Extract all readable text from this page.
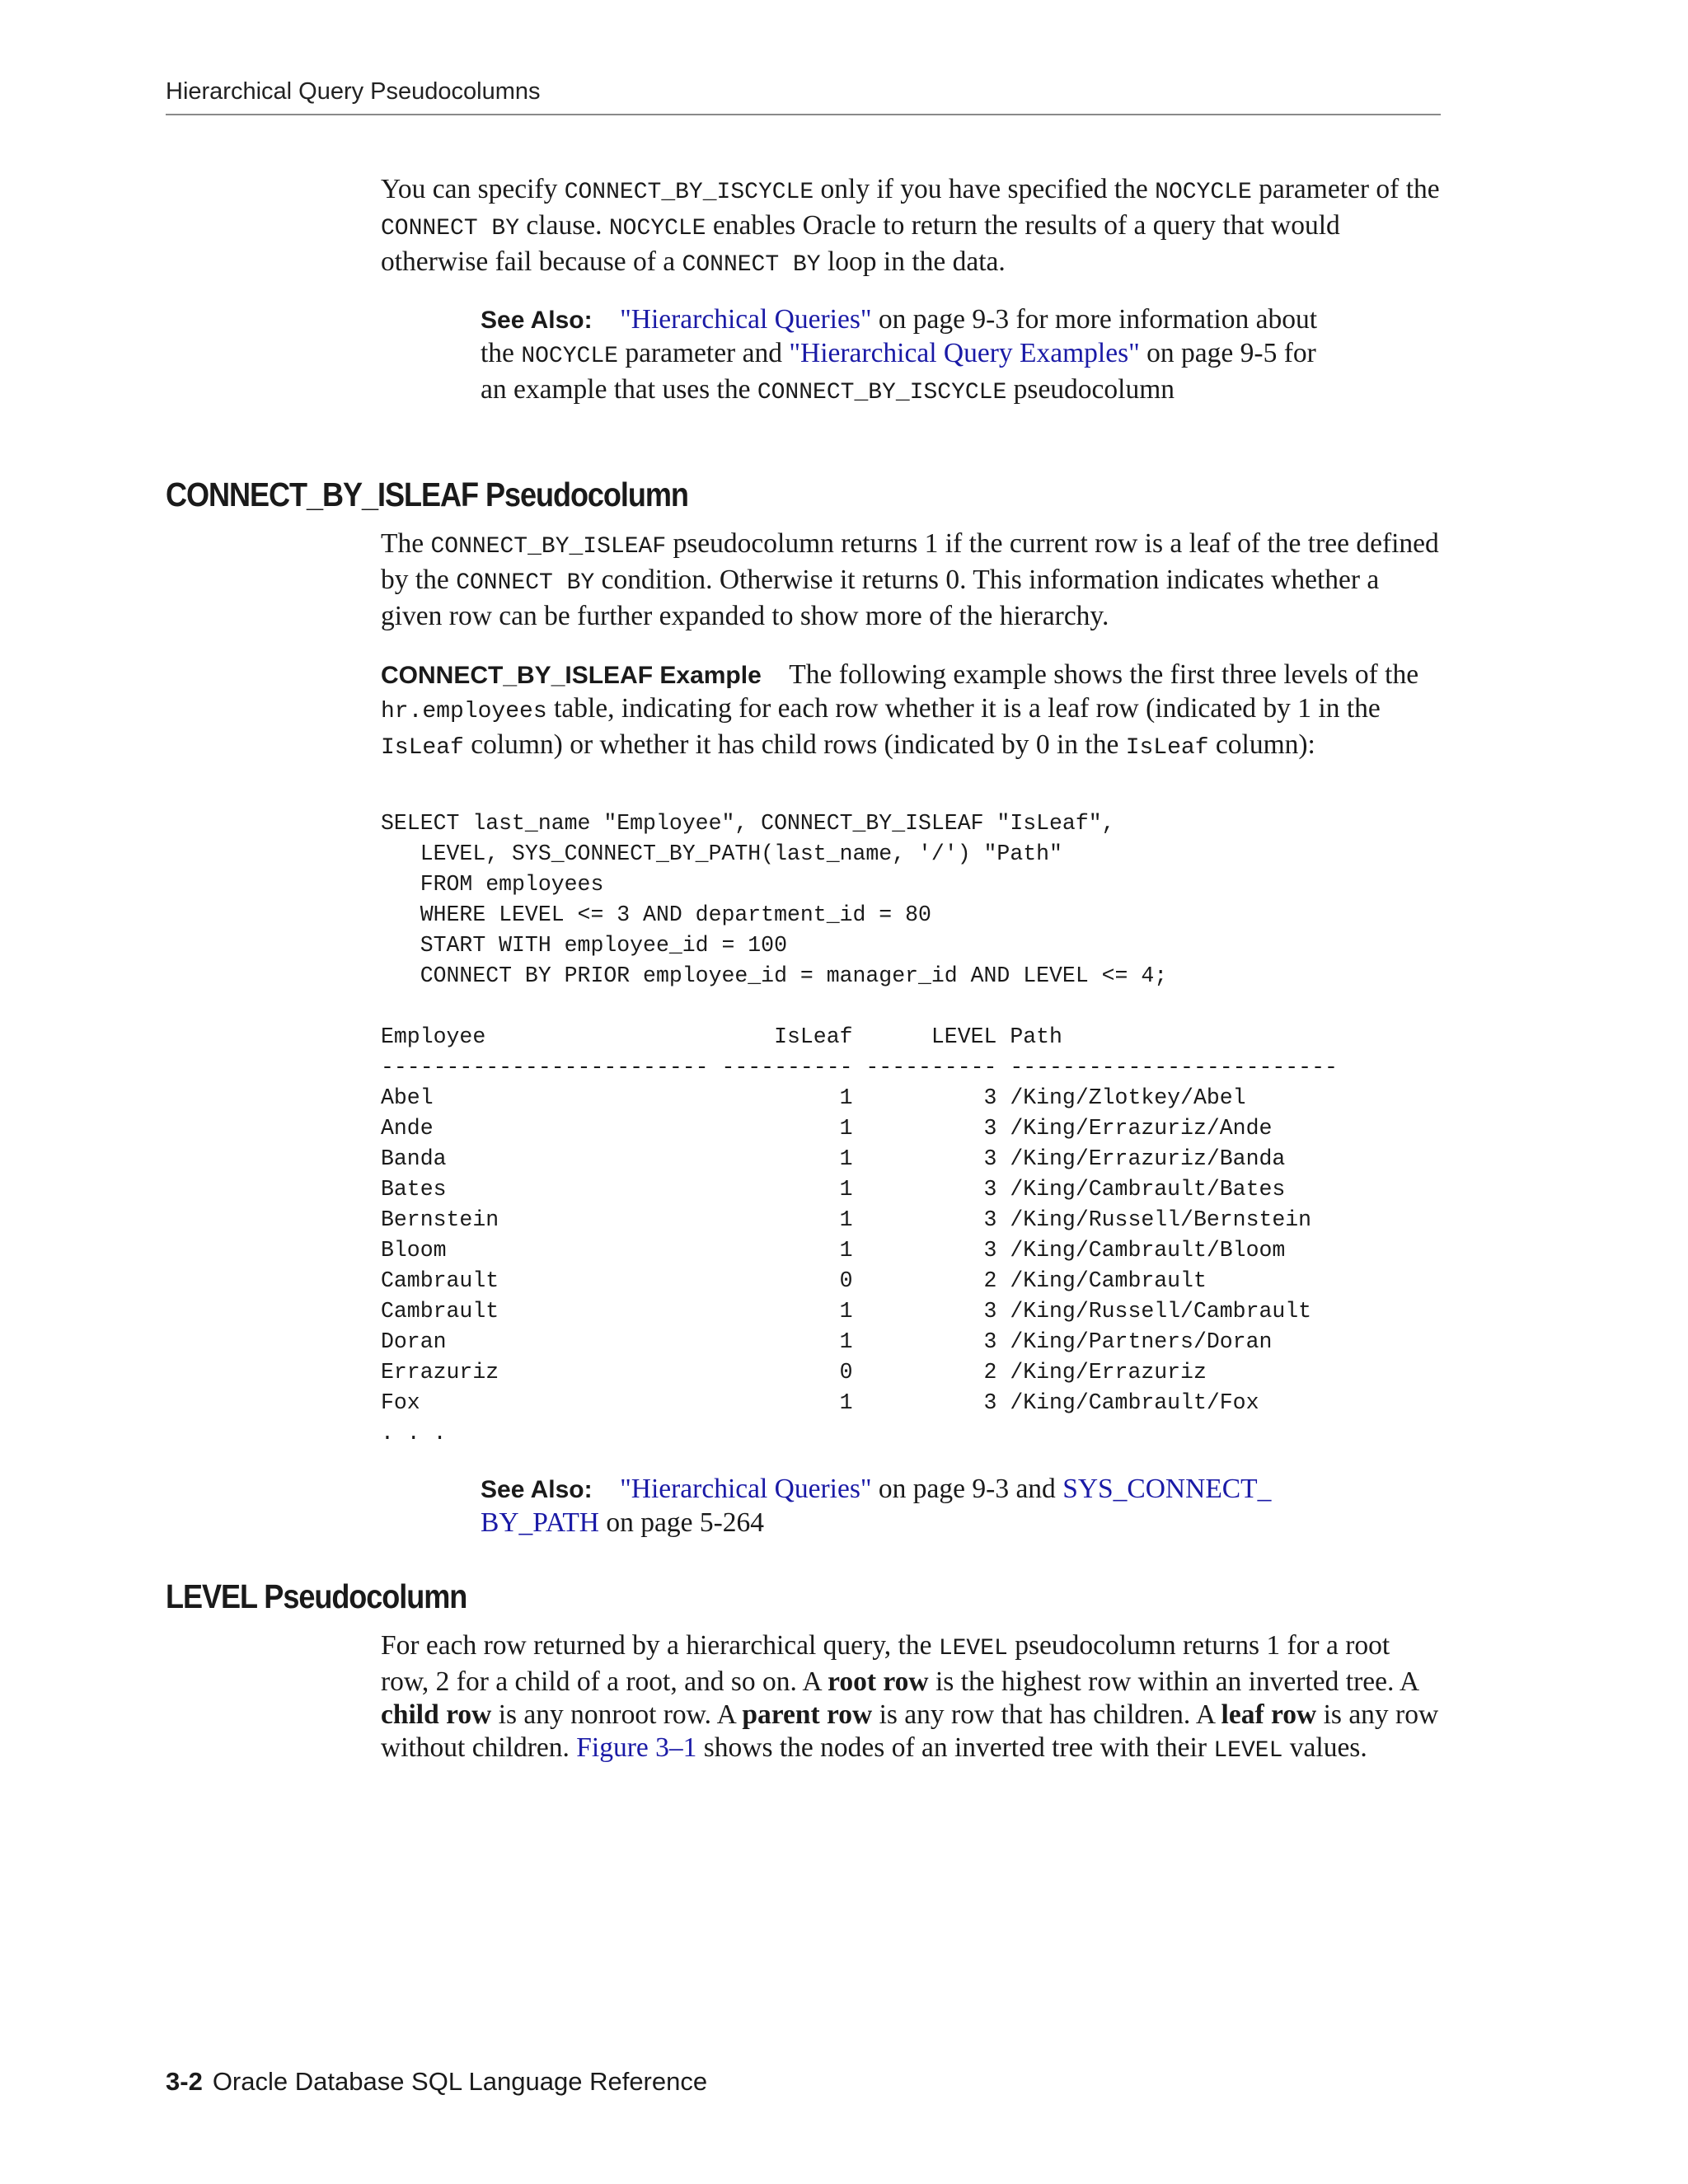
Hierarchical Query Pseudocolumns

You can specify CONNECT_BY_ISCYCLE only if you have specified the NOCYCLE parameter of the CONNECT BY clause. NOCYCLE enables Oracle to return the results of a query that would otherwise fail because of a CONNECT BY loop in the data.

See Also: "Hierarchical Queries" on page 9-3 for more information about the NOCYCLE parameter and "Hierarchical Query Examples" on page 9-5 for an example that uses the CONNECT_BY_ISCYCLE pseudocolumn
CONNECT_BY_ISLEAF Pseudocolumn

The CONNECT_BY_ISLEAF pseudocolumn returns 1 if the current row is a leaf of the tree defined by the CONNECT BY condition. Otherwise it returns 0. This information indicates whether a given row can be further expanded to show more of the hierarchy.

CONNECT_BY_ISLEAF Example The following example shows the first three levels of the hr.employees table, indicating for each row whether it is a leaf row (indicated by 1 in the IsLeaf column) or whether it has child rows (indicated by 0 in the IsLeaf column):

SELECT last_name "Employee", CONNECT_BY_ISLEAF "IsLeaf",
LEVEL, SYS_CONNECT_BY_PATH(last_name, '/') "Path"
FROM employees
WHERE LEVEL <= 3 AND department_id = 80
START WITH employee_id = 100
CONNECT BY PRIOR employee_id = manager_id AND LEVEL <= 4;

Employee                      IsLeaf      LEVEL Path
------------------------- ---------- ---------- -------------------------
Abel                               1          3 /King/Zlotkey/Abel
Ande                               1          3 /King/Errazuriz/Ande
Banda                              1          3 /King/Errazuriz/Banda
Bates                              1          3 /King/Cambrault/Bates
Bernstein                          1          3 /King/Russell/Bernstein
Bloom                              1          3 /King/Cambrault/Bloom
Cambrault                          0          2 /King/Cambrault
Cambrault                          1          3 /King/Russell/Cambrault
Doran                              1          3 /King/Partners/Doran
Errazuriz                          0          2 /King/Errazuriz
Fox                                1          3 /King/Cambrault/Fox
. . .
See Also: "Hierarchical Queries" on page 9-3 and SYS_CONNECT_
BY_PATH on page 5-264
LEVEL Pseudocolumn

For each row returned by a hierarchical query, the LEVEL pseudocolumn returns 1 for a root row, 2 for a child of a root, and so on. A root row is the highest row within an inverted tree. A child row is any nonroot row. A parent row is any row that has children. A leaf row is any row without children. Figure 3–1 shows the nodes of an inverted tree with their LEVEL values.

3-2 Oracle Database SQL Language Reference
